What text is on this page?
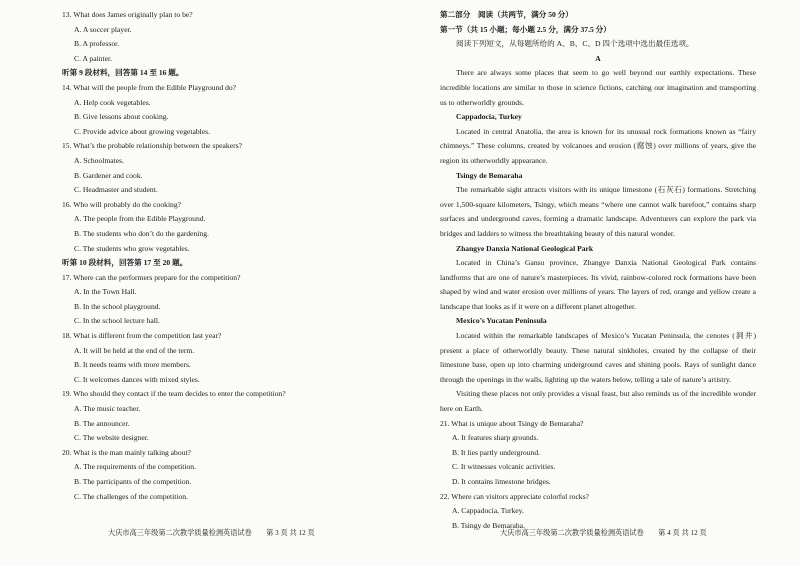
13. What does James originally plan to be?
A. A soccer player.
B. A professor.
C. A painter.
听第 9 段材料，回答第 14 至 16 题。
14. What will the people from the Edible Playground do?
A. Help cook vegetables.
B. Give lessons about cooking.
C. Provide advice about growing vegetables.
15. What’s the probable relationship between the speakers?
A. Schoolmates.
B. Gardener and cook.
C. Headmaster and student.
16. Who will probably do the cooking?
A. The people from the Edible Playground.
B. The students who don’t do the gardening.
C. The students who grow vegetables.
听第 10 段材料，回答第 17 至 20 题。
17. Where can the performers prepare for the competition?
A. In the Town Hall.
B. In the school playground.
C. In the school lecture hall.
18. What is different from the competition last year?
A. It will be held at the end of the term.
B. It needs teams with more members.
C. It welcomes dances with mixed styles.
19. Who should they contact if the team decides to enter the competition?
A. The music teacher.
B. The announcer.
C. The website designer.
20. What is the man mainly talking about?
A. The requirements of the competition.
B. The participants of the competition.
C. The challenges of the competition.
大庆市高三年级第二次教学质量检测英语试卷　　第 3 页 共 12 页
第二部分　阅读（共两节，满分 50 分）
第一节（共 15 小题；每小题 2.5 分，满分 37.5 分）
阅读下列短文，从每题所给的 A、B、C、D 四个选项中选出最佳选项。
A
There are always some places that seem to go well beyond our earthly expectations. These incredible locations are similar to those in science fictions, catching our imagination and transporting us to otherworldly grounds.
Cappadocia, Turkey
Located in central Anatolia, the area is known for its unusual rock formations known as “fairy chimneys.” These columns, created by volcanoes and erosion (腐蚀) over millions of years, give the region its otherworldly appearance.
Tsingy de Bemaraha
The remarkable sight attracts visitors with its unique limestone (石灰石) formations. Stretching over 1,500-square kilometers, Tsingy, which means “where one cannot walk barefoot,” contains sharp surfaces and underground caves, forming a dramatic landscape. Adventurers can explore the park via bridges and ladders to witness the breathtaking beauty of this natural wonder.
Zhangye Danxia National Geological Park
Located in China’s Gansu province, Zhangye Danxia National Geological Park contains landforms that are one of nature’s masterpieces. Its vivid, rainbow-colored rock formations have been shaped by wind and water erosion over millions of years. The layers of red, orange and yellow create a landscape that looks as if it were on a different planet altogether.
Mexico’s Yucatan Peninsula
Located within the remarkable landscapes of Mexico’s Yucatan Peninsula, the cenotes (洞井) present a place of otherworldly beauty. These natural sinkholes, created by the collapse of their limestone base, open up into charming underground caves and shining pools. Rays of sunlight dance through the openings in the walls, lighting up the waters below, telling a tale of nature’s artistry.
Visiting these places not only provides a visual feast, but also reminds us of the incredible wonder here on Earth.
21. What is unique about Tsingy de Bemaraha?
A. It features sharp grounds.
B. It lies partly underground.
C. It witnesses volcanic activities.
D. It contains limestone bridges.
22. Where can visitors appreciate colorful rocks?
A. Cappadocia, Turkey.
B. Tsingy de Bemaraha.
大庆市高三年级第二次教学质量检测英语试卷　　第 4 页 共 12 页
